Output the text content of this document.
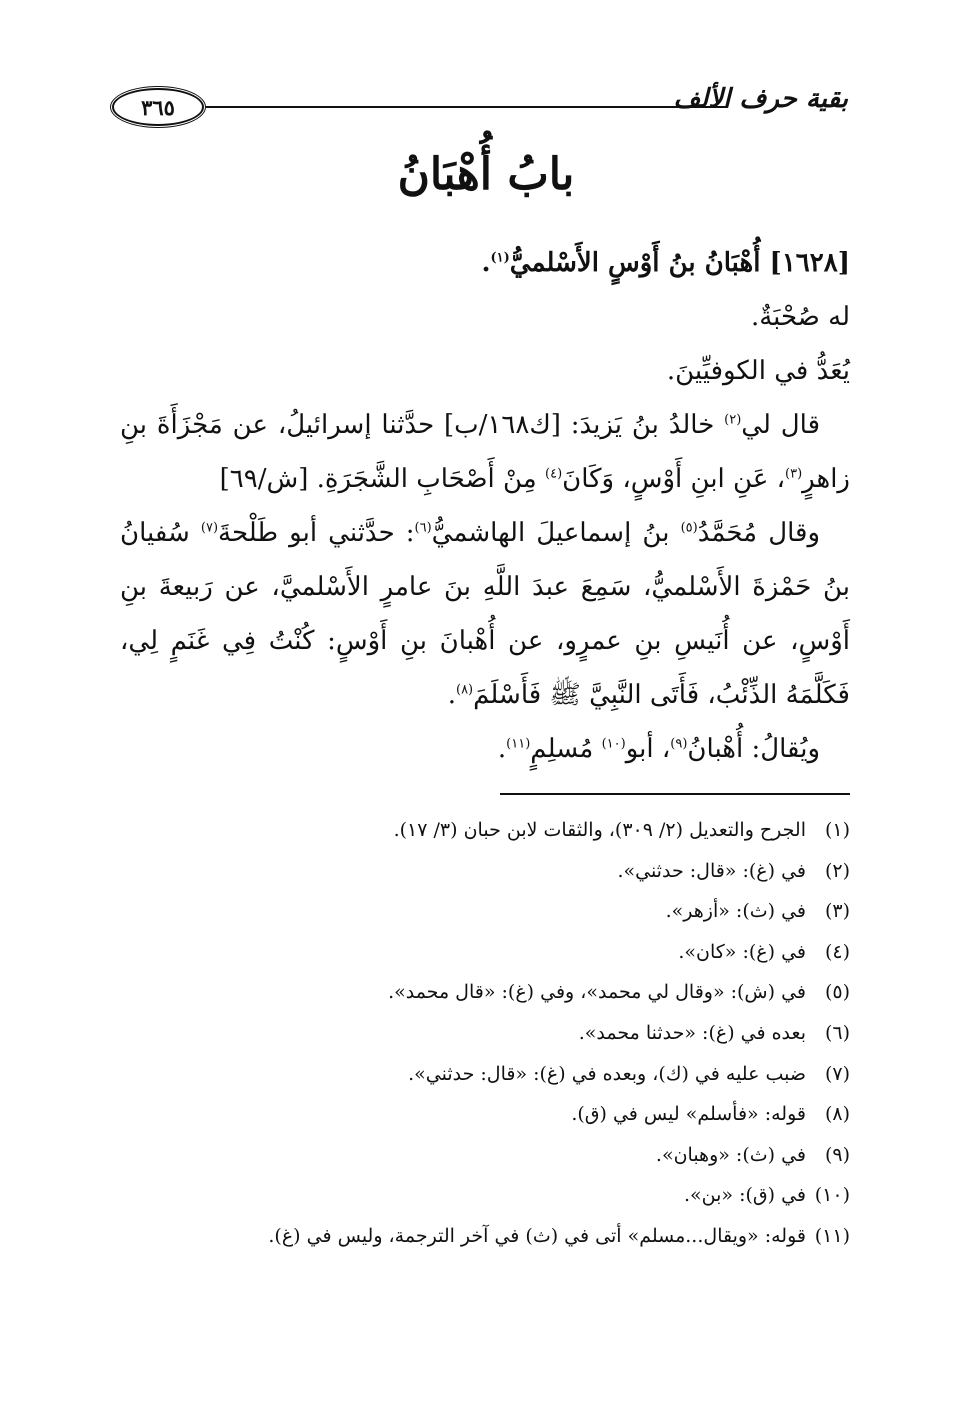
٣٦٥	بقية حرف الألف
بابُ أُهْبَانُ

[١٦٢٨] أُهْبَانُ بنُ أَوْسٍ الأَسْلميُّ$^{(١)}$.

له صُحْبَةٌ.

يُعَدُّ في الكوفيِّينَ.

قال لي$^{(٢)}$ خالدُ بنُ يَزيدَ: [ك١٦٨/ب] حدَّثنا إسرائيلُ، عن مَجْزَأَةَ بنِ زاهرٍ$^{(٣)}$، عَنِ ابنِ أَوْسٍ، وَكَانَ$^{(٤)}$ مِنْ أَصْحَابِ الشَّجَرَةِ. [ش/٦٩]

وقال مُحَمَّدُ$^{(٥)}$ بنُ إسماعيلَ الهاشميُّ$^{(٦)}$: حدَّثني أبو طَلْحةَ$^{(٧)}$ سُفيانُ بنُ حَمْزةَ الأَسْلميُّ، سَمِعَ عبدَ اللَّهِ بنَ عامرٍ الأَسْلميَّ، عن رَبيعةَ بنِ أَوْسٍ، عن أُنَيسِ بنِ عمرٍو، عن أُهْبانَ بنِ أَوْسٍ: كُنْتُ فِي غَنَمٍ لِي، فَكَلَّمَهُ الذِّئْبُ، فَأَتَى النَّبِيَّ ﷺ فَأَسْلَمَ$^{(٨)}$.

ويُقالُ: أُهْبانُ$^{(٩)}$، أبو$^{(١٠)}$ مُسلِمٍ$^{(١١)}$.

(١)
الجرح والتعديل (٢/ ٣٠٩)، والثقات لابن حبان (٣/ ١٧).
(٢)
في (غ): «قال: حدثني».
(٣)
في (ث): «أزهر».
(٤)
في (غ): «كان».
(٥)
في (ش): «وقال لي محمد»، وفي (غ): «قال محمد».
(٦)
بعده في (غ): «حدثنا محمد».
(٧)
ضبب عليه في (ك)، وبعده في (غ): «قال: حدثني».
(٨)
قوله: «فأسلم» ليس في (ق).
(٩)
في (ث): «وهبان».
(١٠)
في (ق): «بن».
(١١)
قوله: «ويقال...مسلم» أتى في (ث) في آخر الترجمة، وليس في (غ).
